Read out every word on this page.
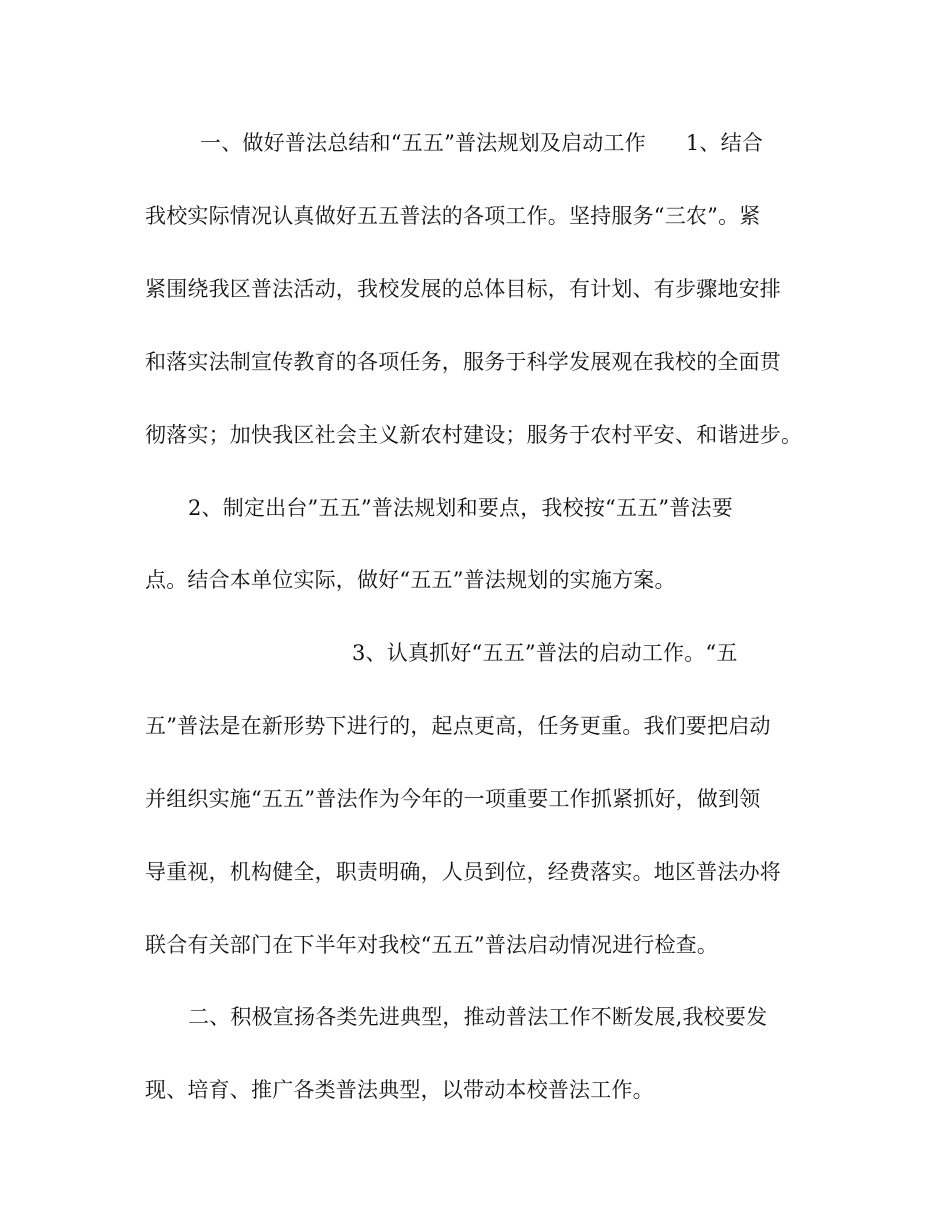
一、做好普法总结和“五五”普法规划及启动工作 1、结合
我校实际情况认真做好五五普法的各项工作。坚持服务“三农”。紧
紧围绕我区普法活动，我校发展的总体目标，有计划、有步骤地安排
和落实法制宣传教育的各项任务，服务于科学发展观在我校的全面贯
彻落实；加快我区社会主义新农村建设；服务于农村平安、和谐进步。
2、制定出台”五五”普法规划和要点，我校按“五五”普法要
点。结合本单位实际，做好“五五”普法规划的实施方案。
3、认真抓好“五五”普法的启动工作。“五
五”普法是在新形势下进行的，起点更高，任务更重。我们要把启动
并组织实施“五五”普法作为今年的一项重要工作抓紧抓好，做到领
导重视，机构健全，职责明确，人员到位，经费落实。地区普法办将
联合有关部门在下半年对我校“五五”普法启动情况进行检查。
二、积极宣扬各类先进典型，推动普法工作不断发展,我校要发
现、培育、推广各类普法典型，以带动本校普法工作。
